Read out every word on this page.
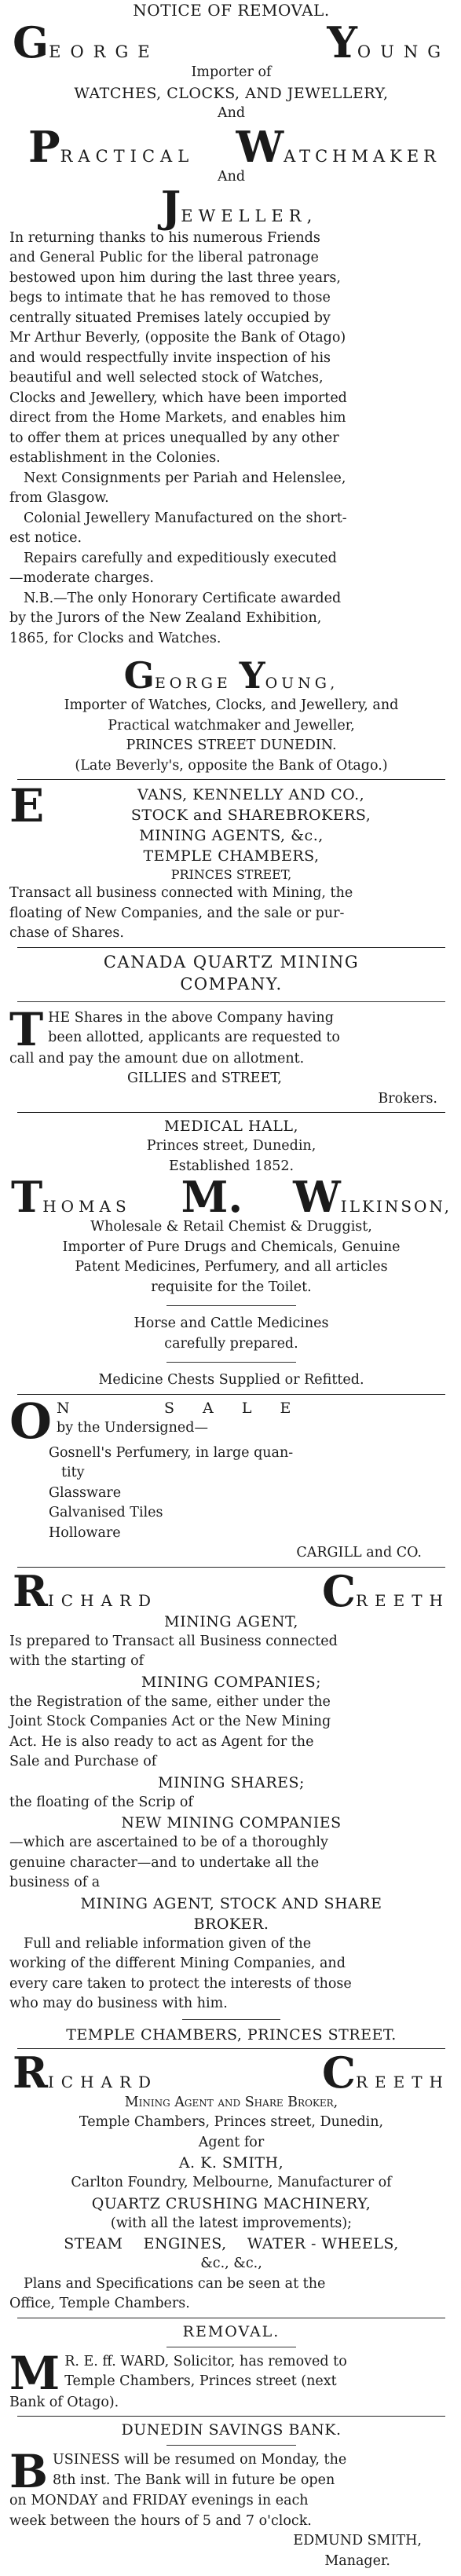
NOTICE OF REMOVAL.
GEORGE	YOUNG
Importer of
WATCHES, CLOCKS, AND JEWELLERY,
And
PRACTICAL WATCHMAKER
And
JEWELLER,
In returning thanks to his numerous Friends
and General Public for the liberal patronage
bestowed upon him during the last three years,
begs to intimate that he has removed to those
centrally situated Premises lately occupied by
Mr Arthur Beverly, (opposite the Bank of Otago)
and would respectfully invite inspection of his
beautiful and well selected stock of Watches,
Clocks and Jewellery, which have been imported
direct from the Home Markets, and enables him
to offer them at prices unequalled by any other
establishment in the Colonies.
Next Consignments per Pariah and Helenslee,
from Glasgow.
Colonial Jewellery Manufactured on the short-
est notice.
Repairs carefully and expeditiously executed
—moderate charges.
N.B.—The only Honorary Certificate awarded
by the Jurors of the New Zealand Exhibition,
1865, for Clocks and Watches.
GEORGE YOUNG,
Importer of Watches, Clocks, and Jewellery, and
Practical watchmaker and Jeweller,
PRINCES STREET DUNEDIN.
(Late Beverly's, opposite the Bank of Otago.)
E	VANS, KENNELLY AND CO.,
STOCK and SHAREBROKERS,
MINING AGENTS, &c.,
TEMPLE CHAMBERS,
PRINCES STREET,
Transact all business connected with Mining, the
floating of New Companies, and the sale or pur-
chase of Shares.
CANADA QUARTZ MINING
COMPANY.
T HE Shares in the above Company having
been allotted, applicants are requested to
call and pay the amount due on allotment.
GILLIES and STREET,
Brokers.
MEDICAL HALL,
Princes street, Dunedin,
Established 1852.
THOMAS M. WILKINSON,
Wholesale & Retail Chemist & Druggist,
Importer of Pure Drugs and Chemicals, Genuine
Patent Medicines, Perfumery, and all articles
requisite for the Toilet.
Horse and Cattle Medicines
carefully prepared.
Medicine Chests Supplied or Refitted.
O N        S  A  L  E
by the Undersigned—
Gosnell's Perfumery, in large quan-
tity
Glassware
Galvanised Tiles
Holloware
CARGILL and CO.
RICHARD	CREETH
MINING AGENT,
Is prepared to Transact all Business connected
with the starting of
MINING COMPANIES;
the Registration of the same, either under the
Joint Stock Companies Act or the New Mining
Act. He is also ready to act as Agent for the
Sale and Purchase of
MINING SHARES;
the floating of the Scrip of
NEW MINING COMPANIES
—which are ascertained to be of a thoroughly
genuine character—and to undertake all the
business of a
MINING AGENT, STOCK AND SHARE
BROKER.
Full and reliable information given of the
working of the different Mining Companies, and
every care taken to protect the interests of those
who may do business with him.
TEMPLE CHAMBERS, PRINCES STREET.
RICHARD	CREETH
Mining Agent and Share Broker,
Temple Chambers, Princes street, Dunedin,
Agent for
A. K. SMITH,
Carlton Foundry, Melbourne, Manufacturer of
QUARTZ CRUSHING MACHINERY,
(with all the latest improvements);
STEAM    ENGINES,    WATER - WHEELS,
&c., &c.,
Plans and Specifications can be seen at the
Office, Temple Chambers.
REMOVAL.
M R. E. ff. WARD, Solicitor, has removed to
Temple Chambers, Princes street (next
Bank of Otago).
DUNEDIN SAVINGS BANK.
B USINESS will be resumed on Monday, the
8th inst. The Bank will in future be open
on MONDAY and FRIDAY evenings in each
week between the hours of 5 and 7 o'clock.
EDMUND SMITH,
Manager.
